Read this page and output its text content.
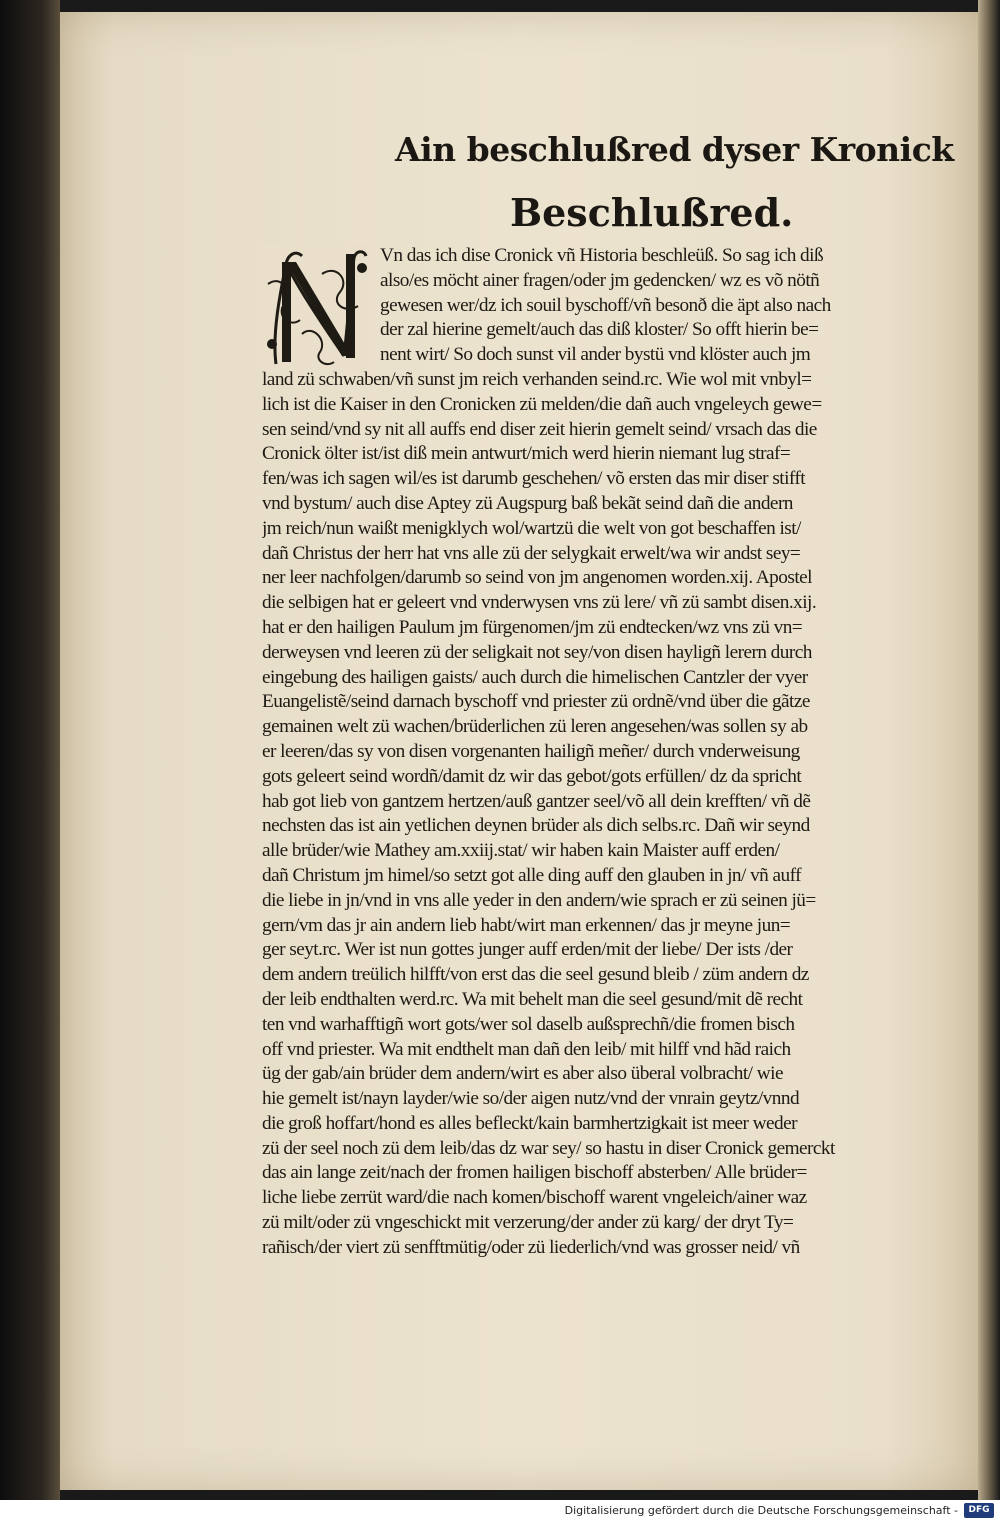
Ain beschlußred dyser Kronick
Beschlußred.
Vn das ich dise Cronick vñ Historia beschleüß. So sag ich diß
also/es möcht ainer fragen/oder jm gedencken/ wz es võ nötñ
gewesen wer/dz ich souil byschoff/vñ besonð die äpt also nach
der zal hierine gemelt/auch das diß kloster/ So offt hierin be=
nent wirt/ So doch sunst vil ander bystü vnd klöster auch jm
land zü schwaben/vñ sunst jm reich verhanden seind.rc. Wie wol mit vnbyl=
lich ist die Kaiser in den Cronicken zü melden/die dañ auch vngeleych gewe=
sen seind/vnd sy nit all auffs end diser zeit hierin gemelt seind/ vrsach das die
Cronick ölter ist/ist diß mein antwurt/mich werd hierin niemant lug straf=
fen/was ich sagen wil/es ist darumb geschehen/ võ ersten das mir diser stifft
vnd bystum/ auch dise Aptey zü Augspurg baß bekãt seind dañ die andern
jm reich/nun waißt menigklych wol/wartzü die welt von got beschaffen ist/
dañ Christus der herr hat vns alle zü der selygkait erwelt/wa wir andst sey=
ner leer nachfolgen/darumb so seind von jm angenomen worden.xij. Apostel
die selbigen hat er geleert vnd vnderwysen vns zü lere/ vñ zü sambt disen.xij.
hat er den hailigen Paulum jm fürgenomen/jm zü endtecken/wz vns zü vn=
derweysen vnd leeren zü der seligkait not sey/von disen hayligñ lerern durch
eingebung des hailigen gaists/ auch durch die himelischen Cantzler der vyer
Euangelistẽ/seind darnach byschoff vnd priester zü ordnẽ/vnd über die gãtze
gemainen welt zü wachen/brüderlichen zü leren angesehen/was sollen sy ab
er leeren/das sy von disen vorgenanten hailigñ meñer/ durch vnderweisung
gots geleert seind wordñ/damit dz wir das gebot/gots erfüllen/ dz da spricht
hab got lieb von gantzem hertzen/auß gantzer seel/võ all dein krefften/ vñ dẽ
nechsten das ist ain yetlichen deynen brüder als dich selbs.rc. Dañ wir seynd
alle brüder/wie Mathey am.xxiij.stat/ wir haben kain Maister auff erden/
dañ Christum jm himel/so setzt got alle ding auff den glauben in jn/ vñ auff
die liebe in jn/vnd in vns alle yeder in den andern/wie sprach er zü seinen jü=
gern/vm das jr ain andern lieb habt/wirt man erkennen/ das jr meyne jun=
ger seyt.rc. Wer ist nun gottes junger auff erden/mit der liebe/ Der ists /der
dem andern treülich hilfft/von erst das die seel gesund bleib / züm andern dz
der leib endthalten werd.rc. Wa mit behelt man die seel gesund/mit dẽ recht
ten vnd warhafftigñ wort gots/wer sol daselb außsprechñ/die fromen bisch
off vnd priester. Wa mit endthelt man dañ den leib/ mit hilff vnd hãd raich
üg der gab/ain brüder dem andern/wirt es aber also überal volbracht/ wie
hie gemelt ist/nayn layder/wie so/der aigen nutz/vnd der vnrain geytz/vnnd
die groß hoffart/hond es alles befleckt/kain barmhertzigkait ist meer weder
zü der seel noch zü dem leib/das dz war sey/ so hastu in diser Cronick gemerckt
das ain lange zeit/nach der fromen hailigen bischoff absterben/ Alle brüder=
liche liebe zerrüt ward/die nach komen/bischoff warent vngeleich/ainer waz
zü milt/oder zü vngeschickt mit verzerung/der ander zü karg/ der dryt Ty=
rañisch/der viert zü senfftmütig/oder zü liederlich/vnd was grosser neid/ vñ
Digitalisierung gefördert durch die Deutsche Forschungsgemeinschaft -	DFG
